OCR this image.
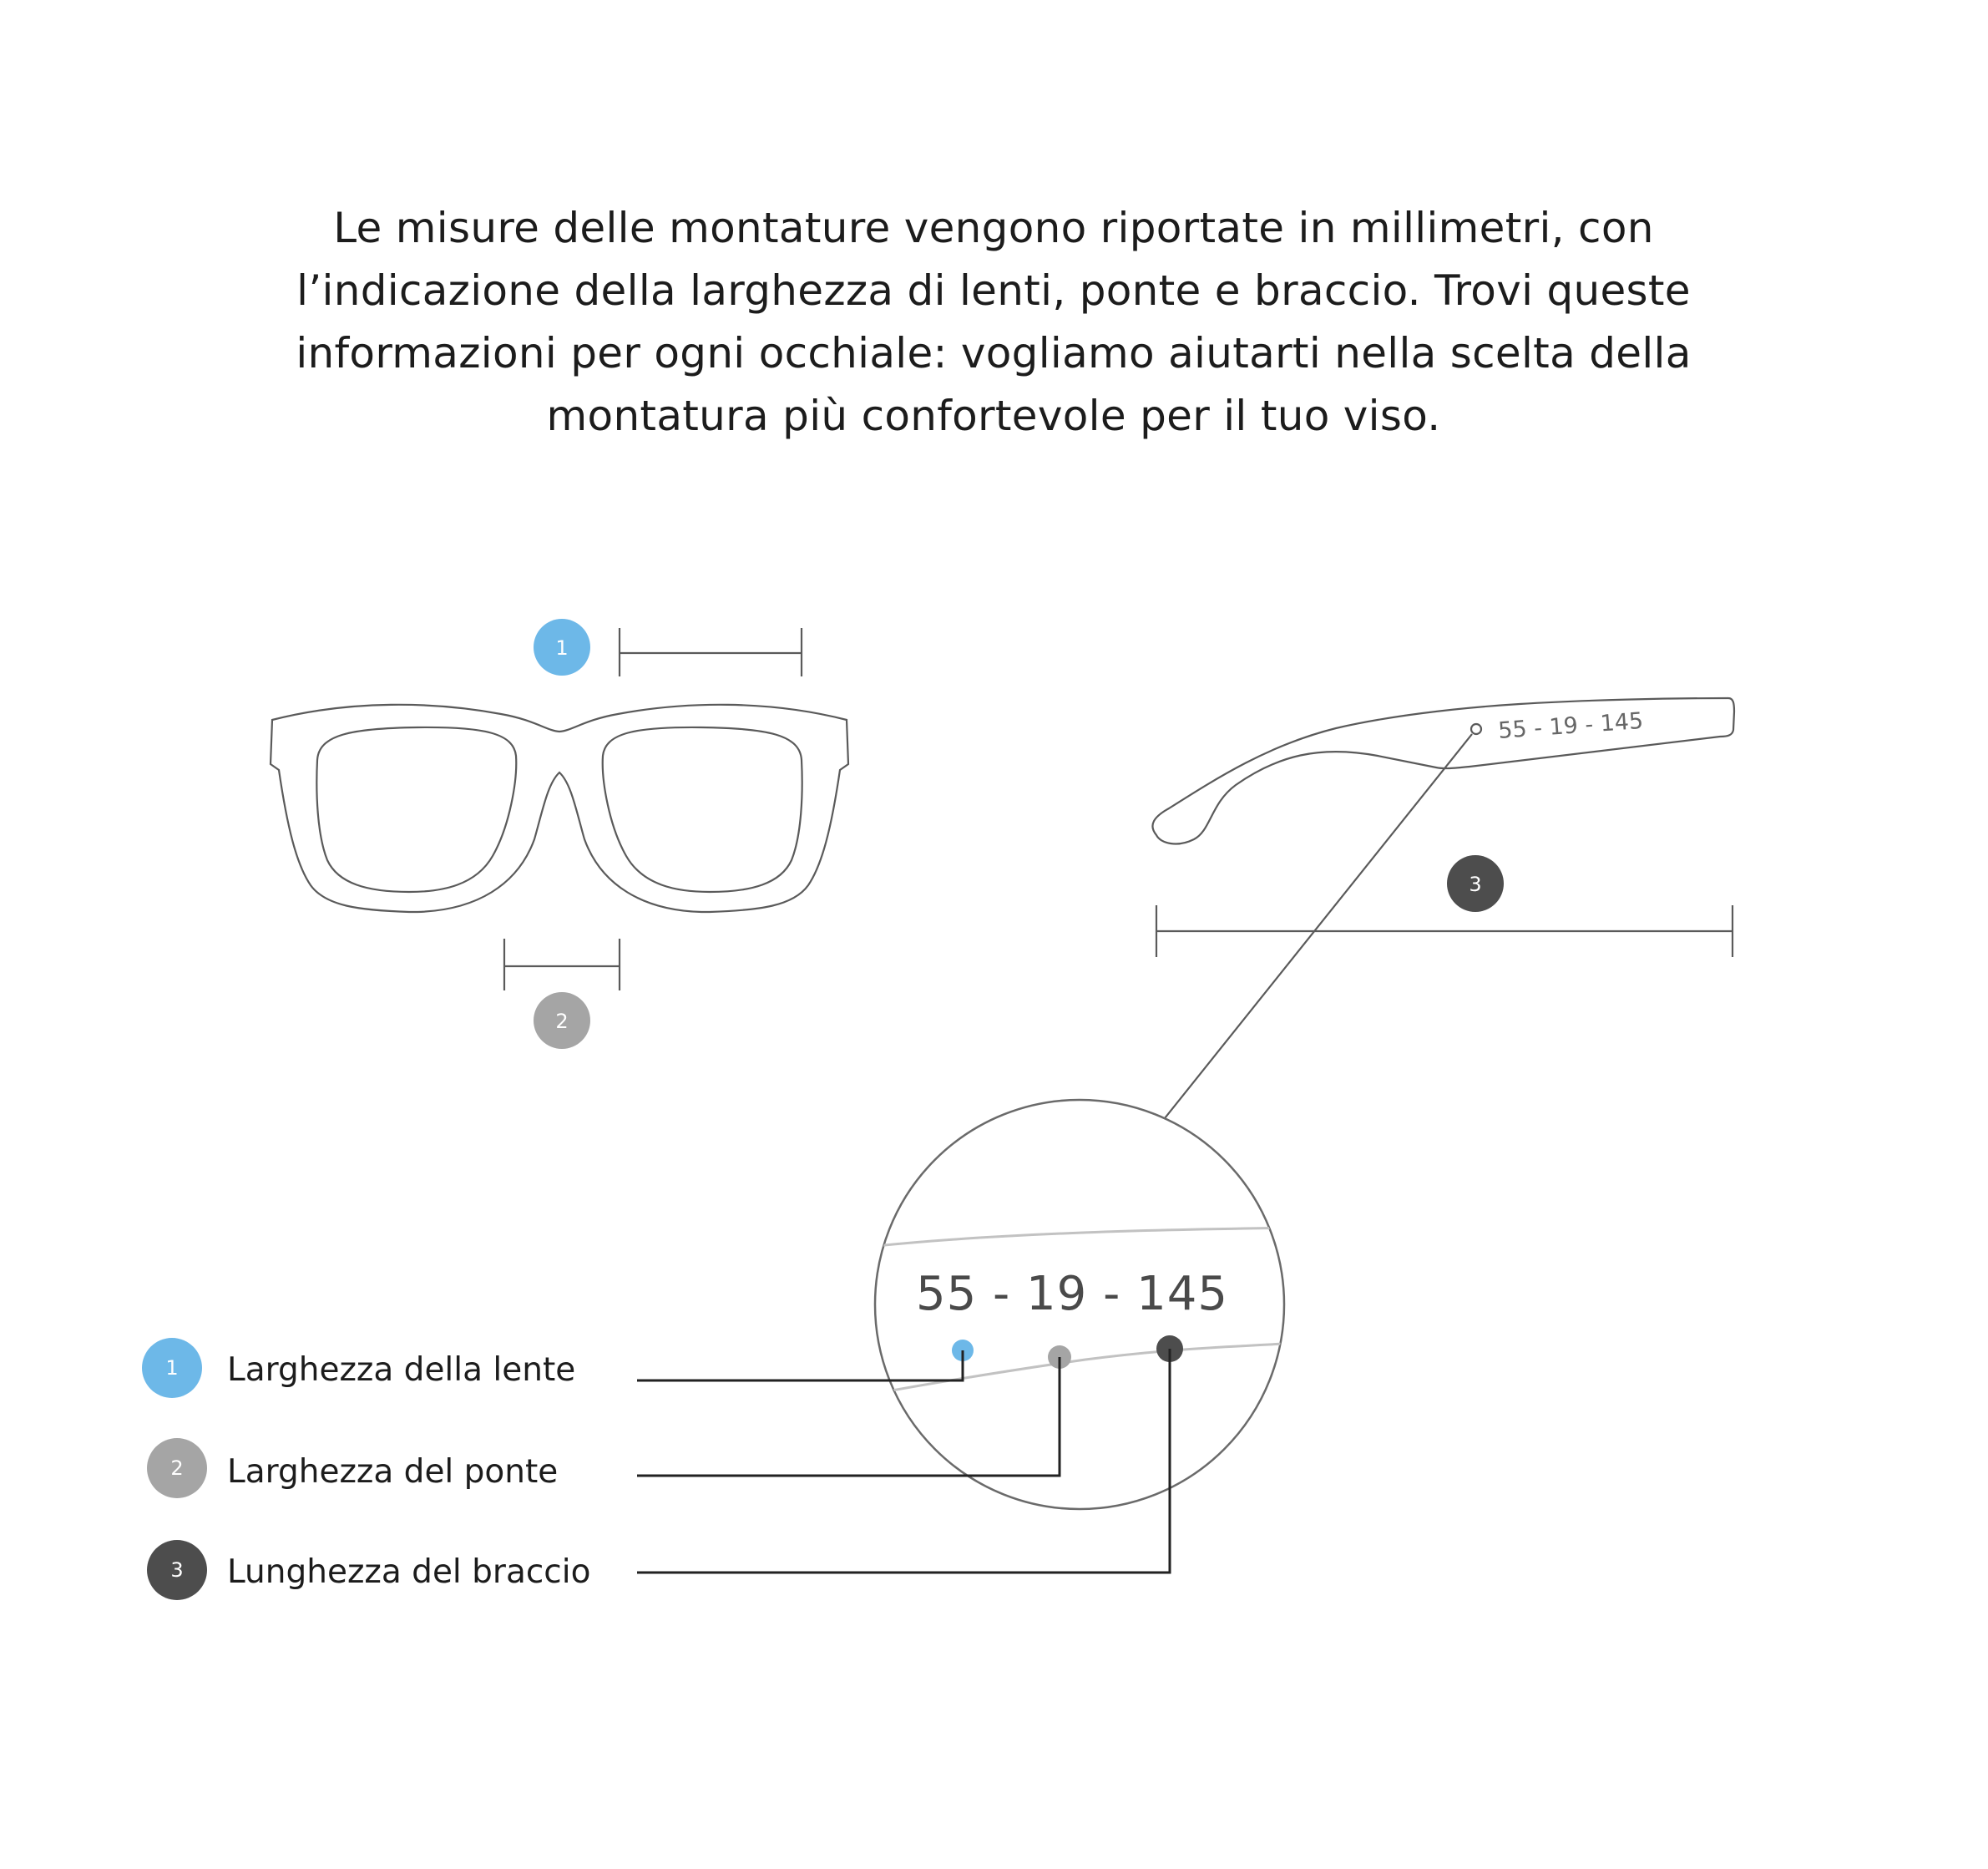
Le misure delle montature vengono riportate in millimetri, con
l’indicazione della larghezza di lenti, ponte e braccio. Trovi queste
informazioni per ogni occhiale: vogliamo aiutarti nella scelta della
montatura più confortevole per il tuo viso.

1
2
55 - 19 - 145
3
55 - 19 - 145
1 Larghezza della lente
2 Larghezza del ponte
3 Lunghezza del braccio
